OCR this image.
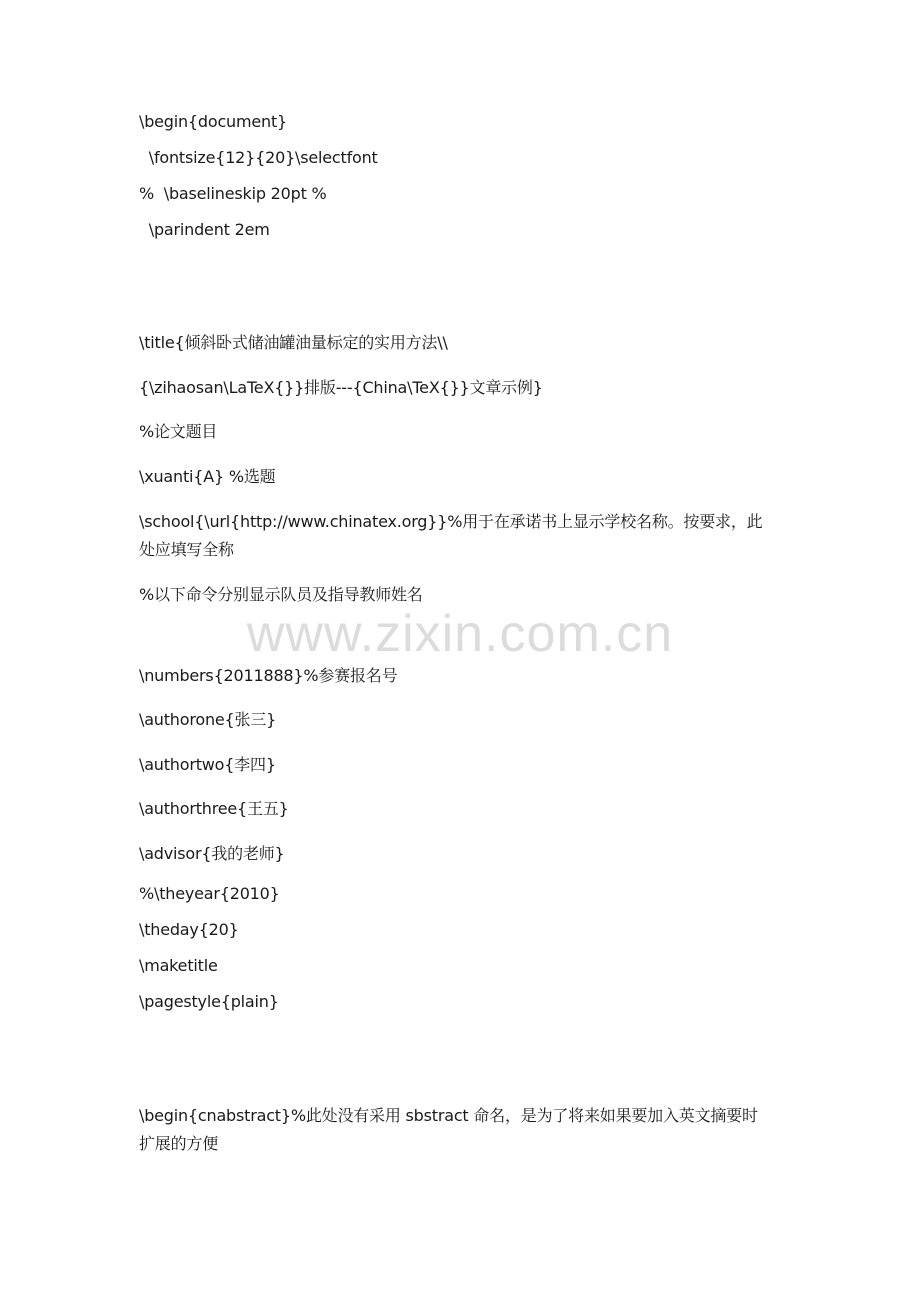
\begin{document}

\fontsize{12}{20}\selectfont

%  \baselineskip 20pt %

\parindent 2em

\title{倾斜卧式储油罐油量标定的实用方法\\

{\zihaosan\LaTeX{}}排版---{China\TeX{}}文章示例}

%论文题目

\xuanti{A} %选题

\school{\url{http://www.chinatex.org}}%用于在承诺书上显示学校名称。按要求，此

处应填写全称

%以下命令分别显示队员及指导教师姓名

www.zixin.com.cn

\numbers{2011888}%参赛报名号

\authorone{张三}

\authortwo{李四}

\authorthree{王五}

\advisor{我的老师}

%\theyear{2010}

\theday{20}

\maketitle

\pagestyle{plain}

\begin{cnabstract}%此处没有采用 sbstract 命名，是为了将来如果要加入英文摘要时

扩展的方便
